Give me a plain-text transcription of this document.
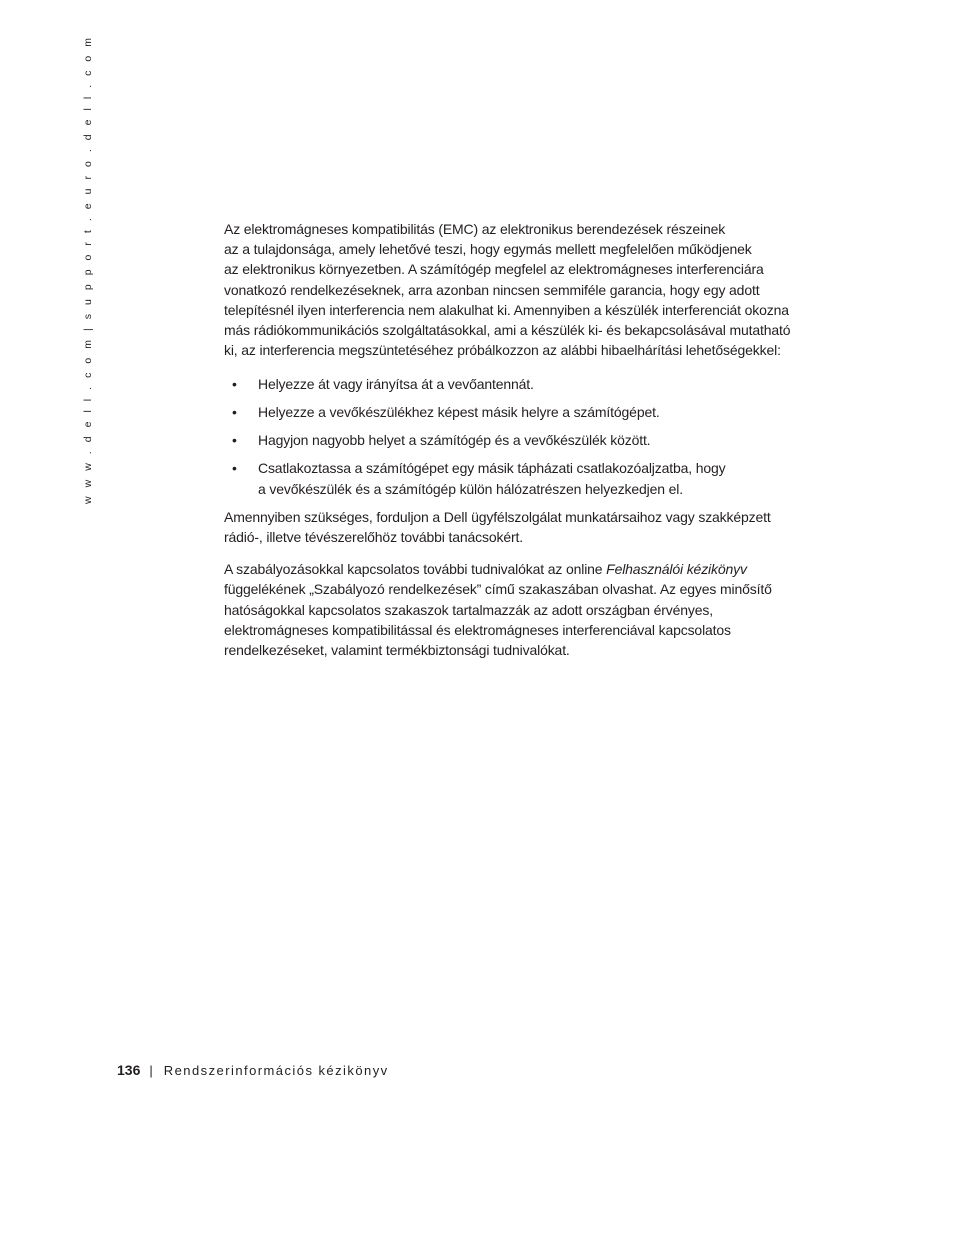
w w w . d e l l . c o m | s u p p o r t . e u r o . d e l l . c o m	Az elektromágneses kompatibilitás (EMC) az elektronikus berendezések részeinek
az a tulajdonsága, amely lehetővé teszi, hogy egymás mellett megfelelően működjenek
az elektronikus környezetben. A számítógép megfelel az elektromágneses interferenciára
vonatkozó rendelkezéseknek, arra azonban nincsen semmiféle garancia, hogy egy adott
telepítésnél ilyen interferencia nem alakulhat ki. Amennyiben a készülék interferenciát okozna
más rádiókommunikációs szolgáltatásokkal, ami a készülék ki- és bekapcsolásával mutatható
ki, az interferencia megszüntetéséhez próbálkozzon az alábbi hibaelhárítási lehetőségekkel:

• Helyezze át vagy irányítsa át a vevőantennát.
• Helyezze a vevőkészülékhez képest másik helyre a számítógépet.
• Hagyjon nagyobb helyet a számítógép és a vevőkészülék között.
• Csatlakoztassa a számítógépet egy másik tápházati csatlakozóaljzatba, hogy
a vevőkészülék és a számítógép külön hálózatrészen helyezkedjen el.

Amennyiben szükséges, forduljon a Dell ügyfélszolgálat munkatársaihoz vagy szakképzett
rádió-, illetve tévészerelőhöz további tanácsokért.

A szabályozásokkal kapcsolatos további tudnivalókat az online Felhasználói kézikönyv
függelékének „Szabályozó rendelkezések” című szakaszában olvashat. Az egyes minősítő
hatóságokkal kapcsolatos szakaszok tartalmazzák az adott országban érvényes,
elektromágneses kompatibilitással és elektromágneses interferenciával kapcsolatos
rendelkezéseket, valamint termékbiztonsági tudnivalókat.

136 | Rendszerinformációs kézikönyv
